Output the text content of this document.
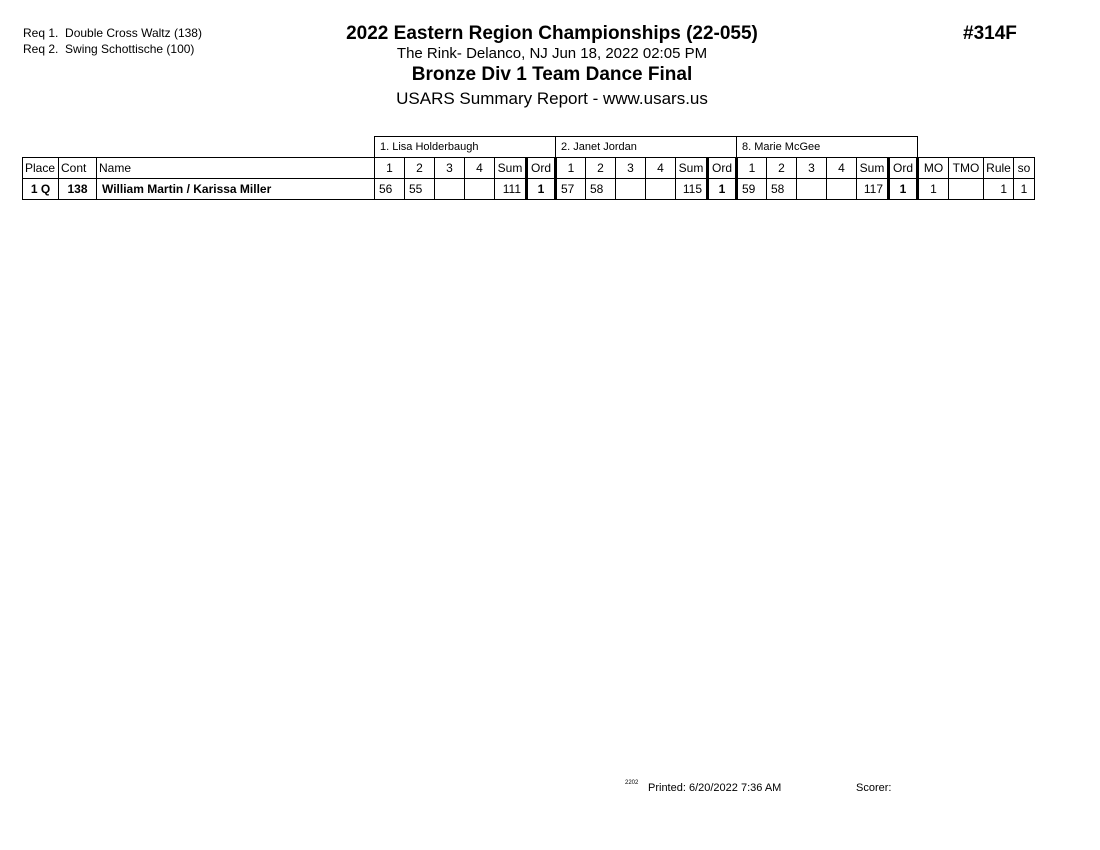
Req 1. Double Cross Waltz (138)
Req 2. Swing Schottische (100)
2022 Eastern Region Championships (22-055)
The Rink- Delanco, NJ Jun 18, 2022 02:05 PM
Bronze Div 1 Team Dance Final
USARS Summary Report - www.usars.us
#314F
			1. Lisa Holderbaugh						2. Janet Jordan						8. Marie McGee									
Place	Cont	Name	1	2	3	4	Sum	Ord	1	2	3	4	Sum	Ord	1	2	3	4	Sum	Ord	MO	TMO	Rule	so
1 Q	138	William Martin / Karissa Miller	56	55			111	1	57	58			115	1	59	58			117	1	1		1	1
2202 Printed: 6/20/2022 7:36 AM	Scorer:
